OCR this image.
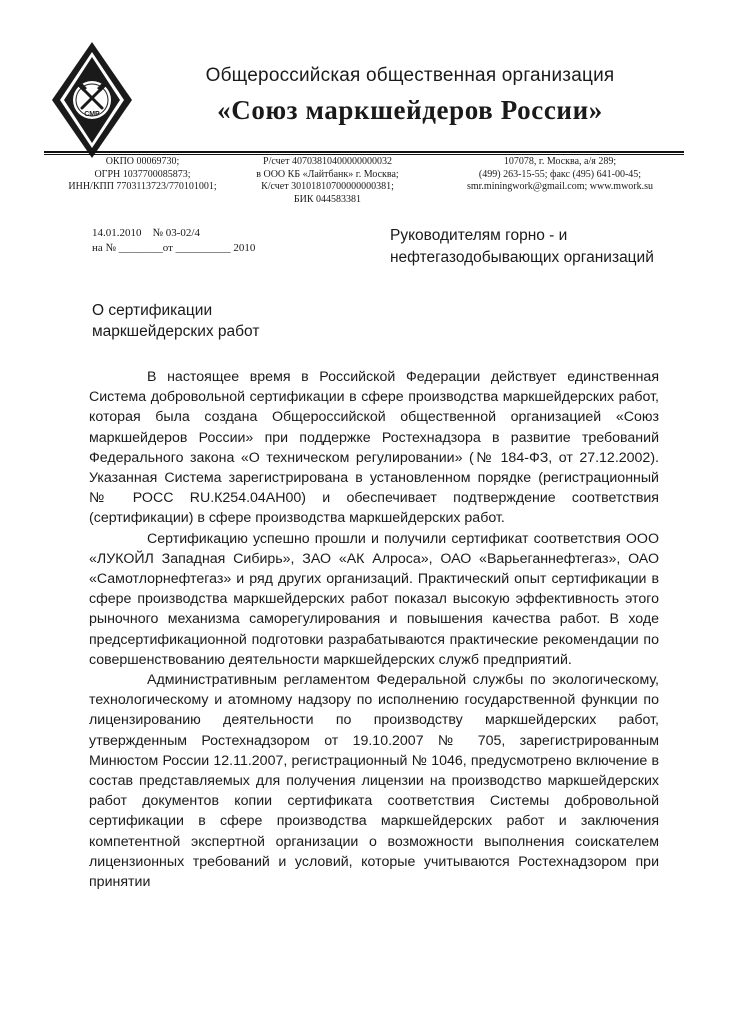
СМР
Общероссийская общественная организация
«Союз маркшейдеров России»
ОКПО 00069730;
ОГРН 1037700085873;
ИНН/КПП 7703113723/770101001;
Р/счет 40703810400000000032
в ООО КБ «Лайтбанк» г. Москва;
К/счет 30101810700000000381;
БИК 044583381
107078, г. Москва, а/я 289;
(499) 263-15-55; факс (495) 641-00-45;
smr.miningwork@gmail.com; www.mwork.su
14.01.2010    № 03-02/4
на № ________от __________ 2010
Руководителям горно - и
нефтегазодобывающих организаций
О сертификации
маркшейдерских работ

В настоящее время в Российской Федерации действует единственная Система добровольной сертификации в сфере производства маркшейдерских работ, которая была создана Общероссийской общественной организацией «Союз маркшейдеров России» при поддержке Ростехнадзора в развитие требований Федерального закона «О техническом регулировании» (№ 184-ФЗ, от 27.12.2002). Указанная Система зарегистрирована в установленном порядке (регистрационный № РОСС RU.К254.04АН00) и обеспечивает подтверждение соответствия (сертификации) в сфере производства маркшейдерских работ.

Сертификацию успешно прошли и получили сертификат соответствия ООО «ЛУКОЙЛ Западная Сибирь», ЗАО «АК Алроса», ОАО «Варьеганнефтегаз», ОАО «Самотлорнефтегаз» и ряд других организаций. Практический опыт сертификации в сфере производства маркшейдерских работ показал высокую эффективность этого рыночного механизма саморегулирования и повышения качества работ. В ходе предсертификационной подготовки разрабатываются практические рекомендации по совершенствованию деятельности маркшейдерских служб предприятий.

Административным регламентом Федеральной службы по экологическому, технологическому и атомному надзору по исполнению государственной функции по лицензированию деятельности по производству маркшейдерских работ, утвержденным Ростехнадзором от 19.10.2007 № 705, зарегистрированным Минюстом России 12.11.2007, регистрационный № 1046, предусмотрено включение в состав представляемых для получения лицензии на производство маркшейдерских работ документов копии сертификата соответствия Системы добровольной сертификации в сфере производства маркшейдерских работ и заключения компетентной экспертной организации о возможности выполнения соискателем лицензионных требований и условий, которые учитываются Ростехнадзором при принятии
